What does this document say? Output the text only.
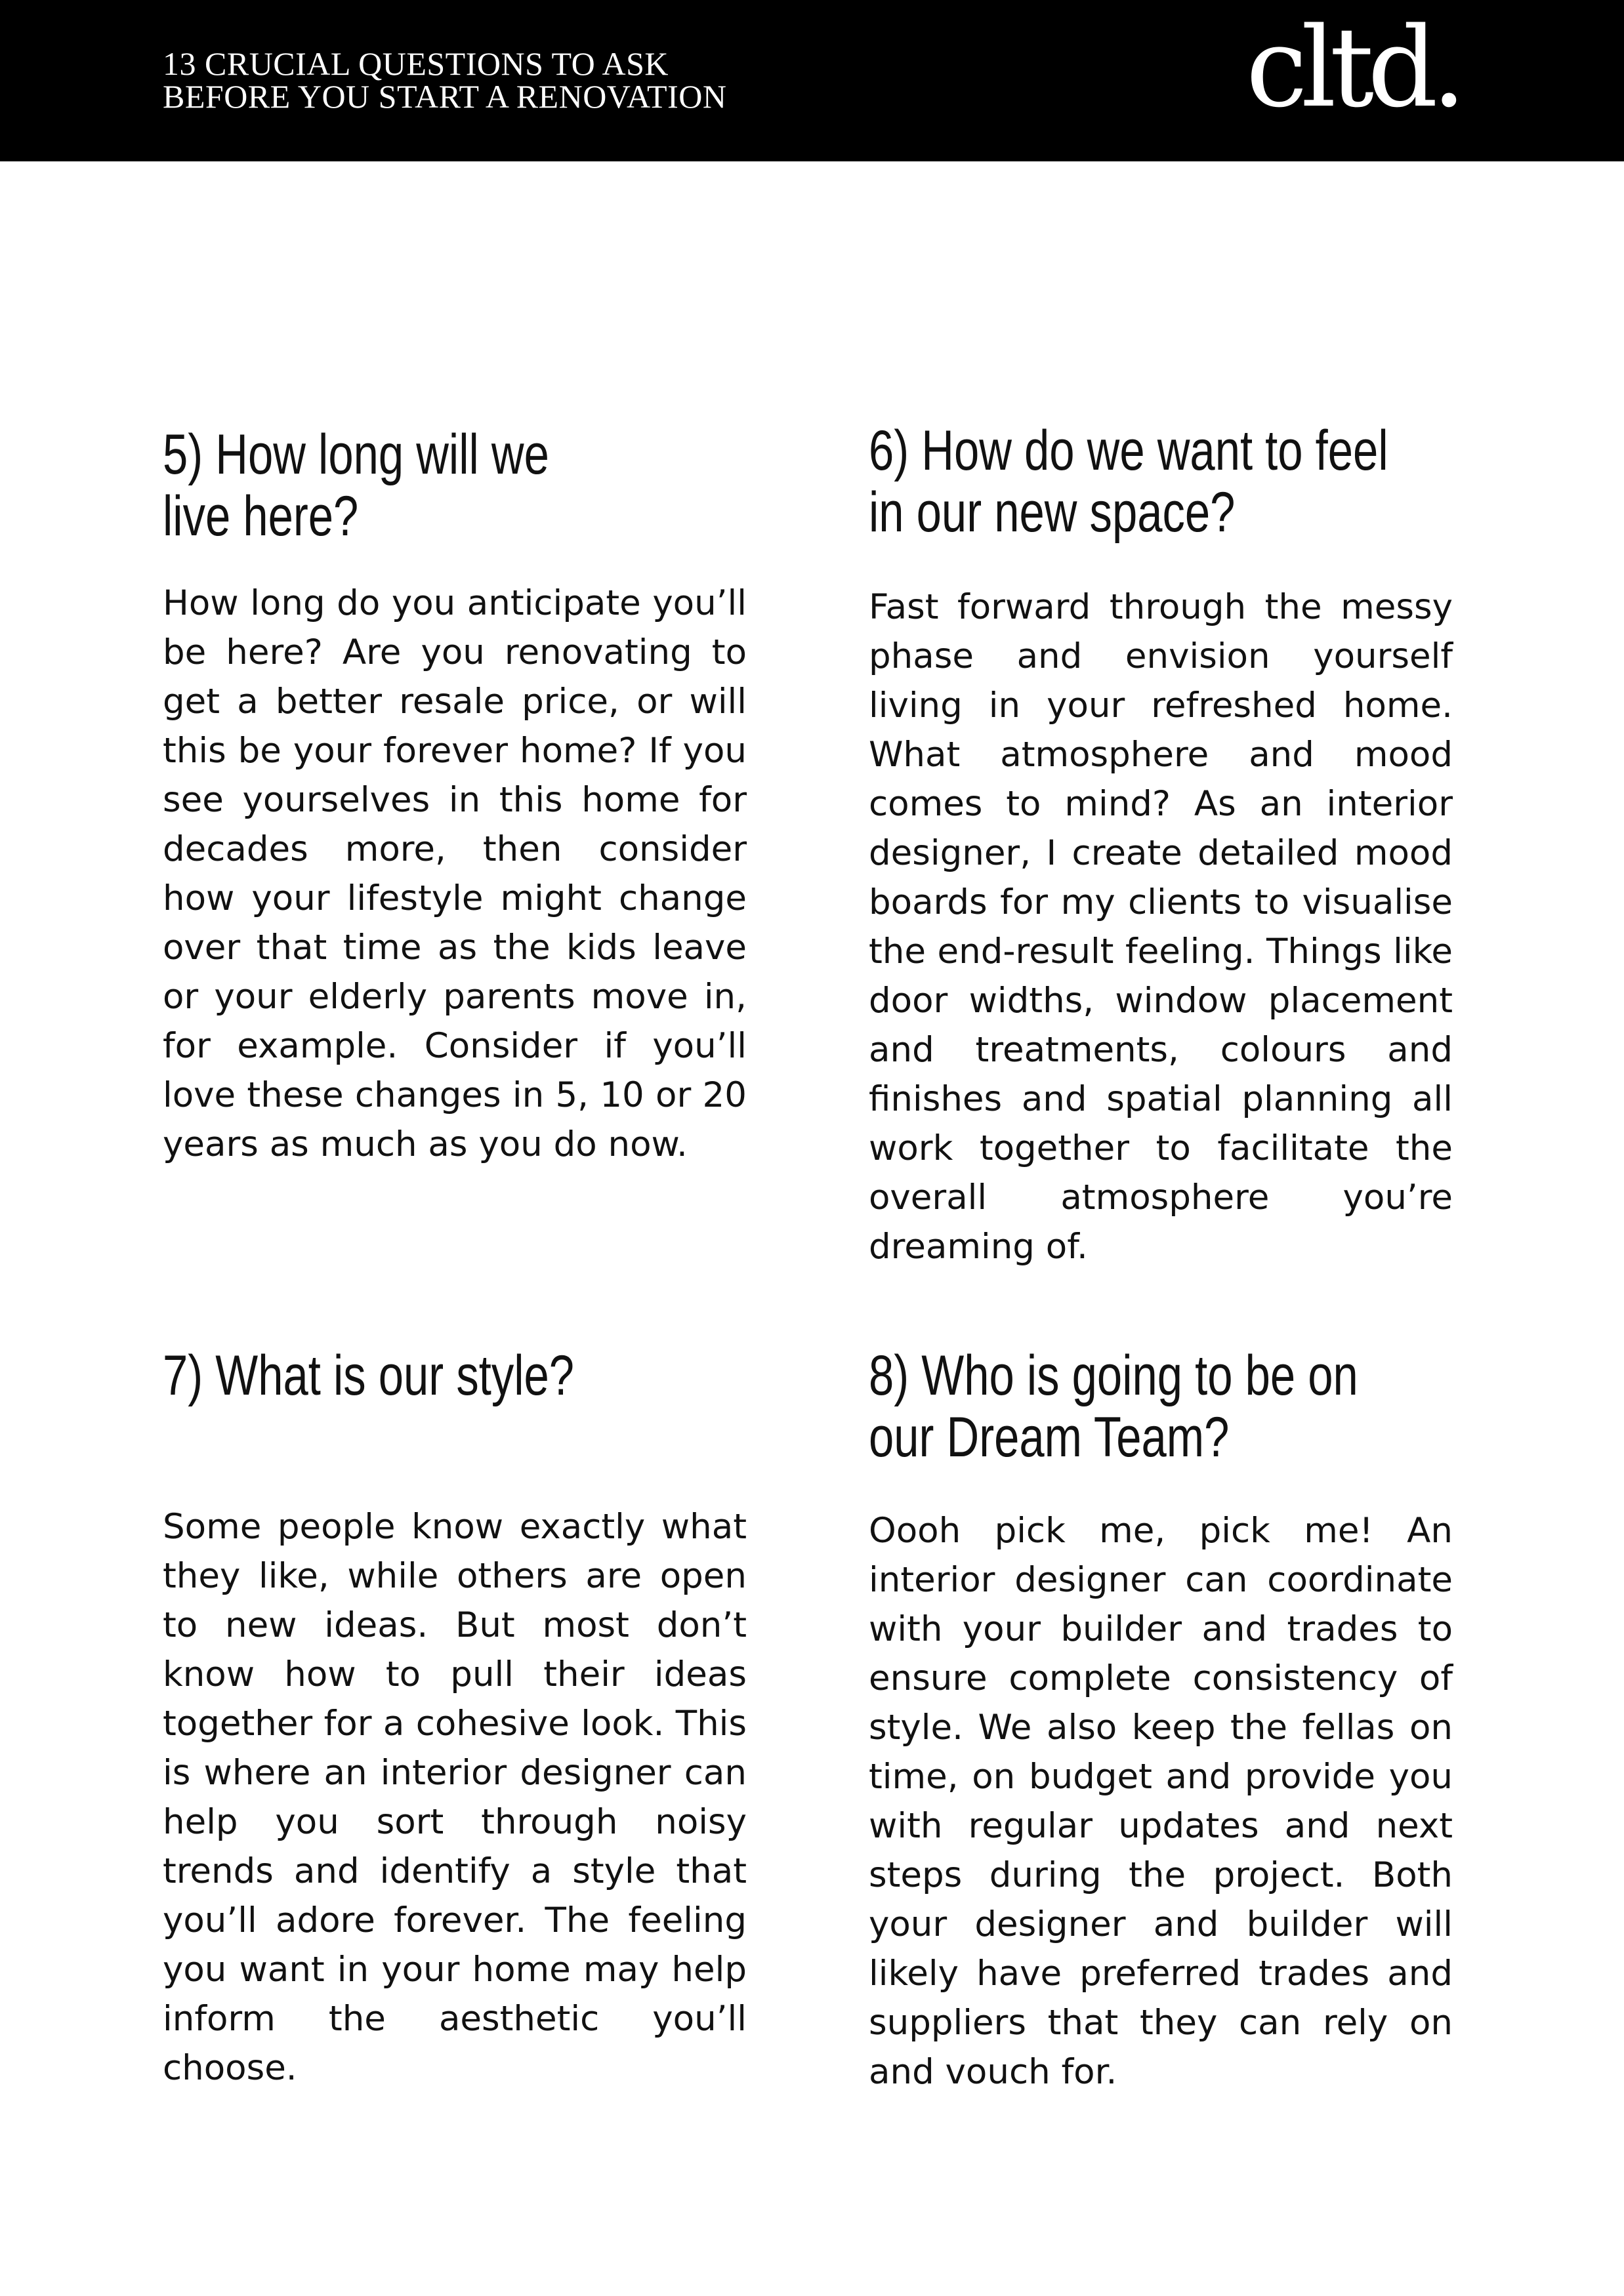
13 CRUCIAL QUESTIONS TO ASK
BEFORE YOU START A RENOVATION	cltd.
5) How long will we
live here?

How long do you anticipate you’ll be here? Are you renovating to get a better resale price, or will this be your forever home? If you see yourselves in this home for decades more, then consider how your lifestyle might change over that time as the kids leave or your elderly parents move in, for example. Consider if you’ll love these changes in 5, 10 or 20 years as much as you do now.

6) How do we want to feel
in our new space?

Fast forward through the messy phase and envision yourself living in your refreshed home. What atmosphere and mood comes to mind? As an interior designer, I create detailed mood boards for my clients to visualise the end-result feeling. Things like door widths, window placement and treatments, colours and finishes and spatial planning all work together to facilitate the overall atmosphere you’re dreaming of.

7) What is our style?

Some people know exactly what they like, while others are open to new ideas. But most don’t know how to pull their ideas together for a cohesive look. This is where an interior designer can help you sort through noisy trends and identify a style that you’ll adore forever. The feeling you want in your home may help inform the aesthetic you’ll choose.

8) Who is going to be on
our Dream Team?

Oooh pick me, pick me! An interior designer can coordinate with your builder and trades to ensure complete consistency of style. We also keep the fellas on time, on budget and provide you with regular updates and next steps during the project. Both your designer and builder will likely have preferred trades and suppliers that they can rely on and vouch for.
